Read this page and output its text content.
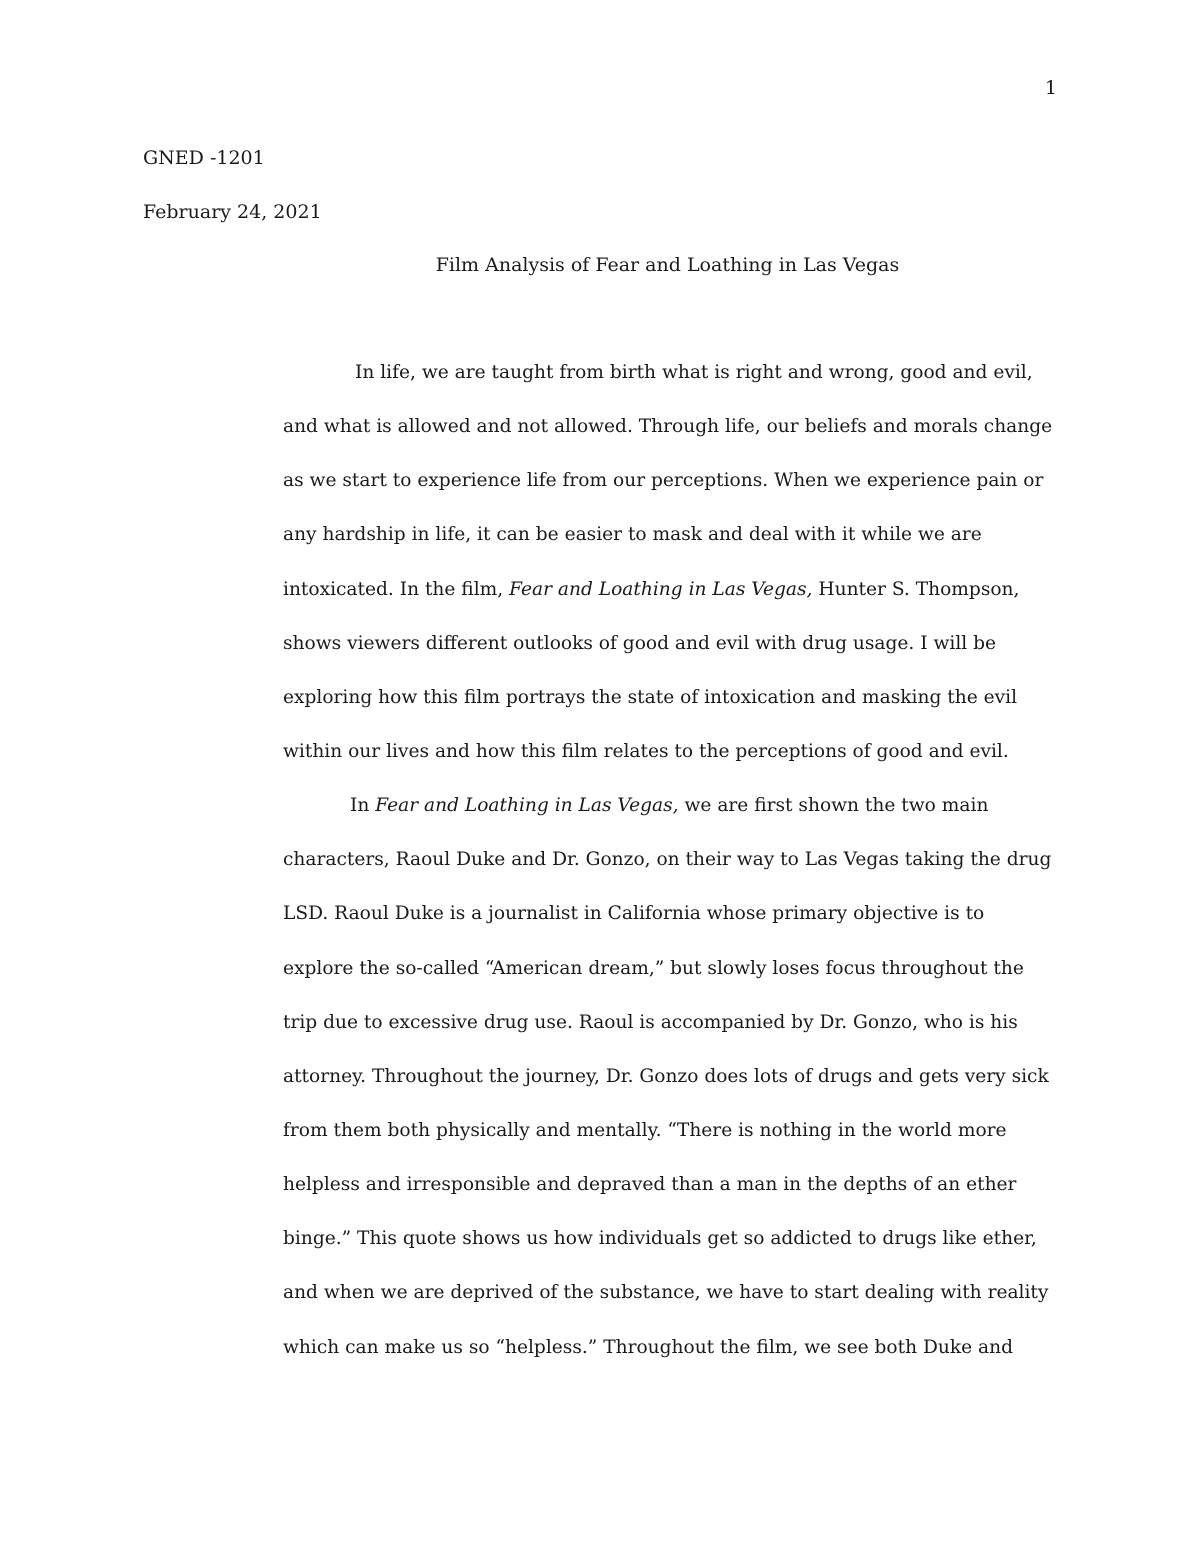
1
GNED -1201
February 24, 2021
Film Analysis of Fear and Loathing in Las Vegas
In life, we are taught from birth what is right and wrong, good and evil,
and what is allowed and not allowed. Through life, our beliefs and morals change
as we start to experience life from our perceptions. When we experience pain or
any hardship in life, it can be easier to mask and deal with it while we are
intoxicated. In the film, Fear and Loathing in Las Vegas, Hunter S. Thompson,
shows viewers different outlooks of good and evil with drug usage. I will be
exploring how this film portrays the state of intoxication and masking the evil
within our lives and how this film relates to the perceptions of good and evil.
In Fear and Loathing in Las Vegas, we are first shown the two main
characters, Raoul Duke and Dr. Gonzo, on their way to Las Vegas taking the drug
LSD. Raoul Duke is a journalist in California whose primary objective is to
explore the so-called “American dream,” but slowly loses focus throughout the
trip due to excessive drug use. Raoul is accompanied by Dr. Gonzo, who is his
attorney. Throughout the journey, Dr. Gonzo does lots of drugs and gets very sick
from them both physically and mentally. “There is nothing in the world more
helpless and irresponsible and depraved than a man in the depths of an ether
binge.” This quote shows us how individuals get so addicted to drugs like ether,
and when we are deprived of the substance, we have to start dealing with reality
which can make us so “helpless.” Throughout the film, we see both Duke and
